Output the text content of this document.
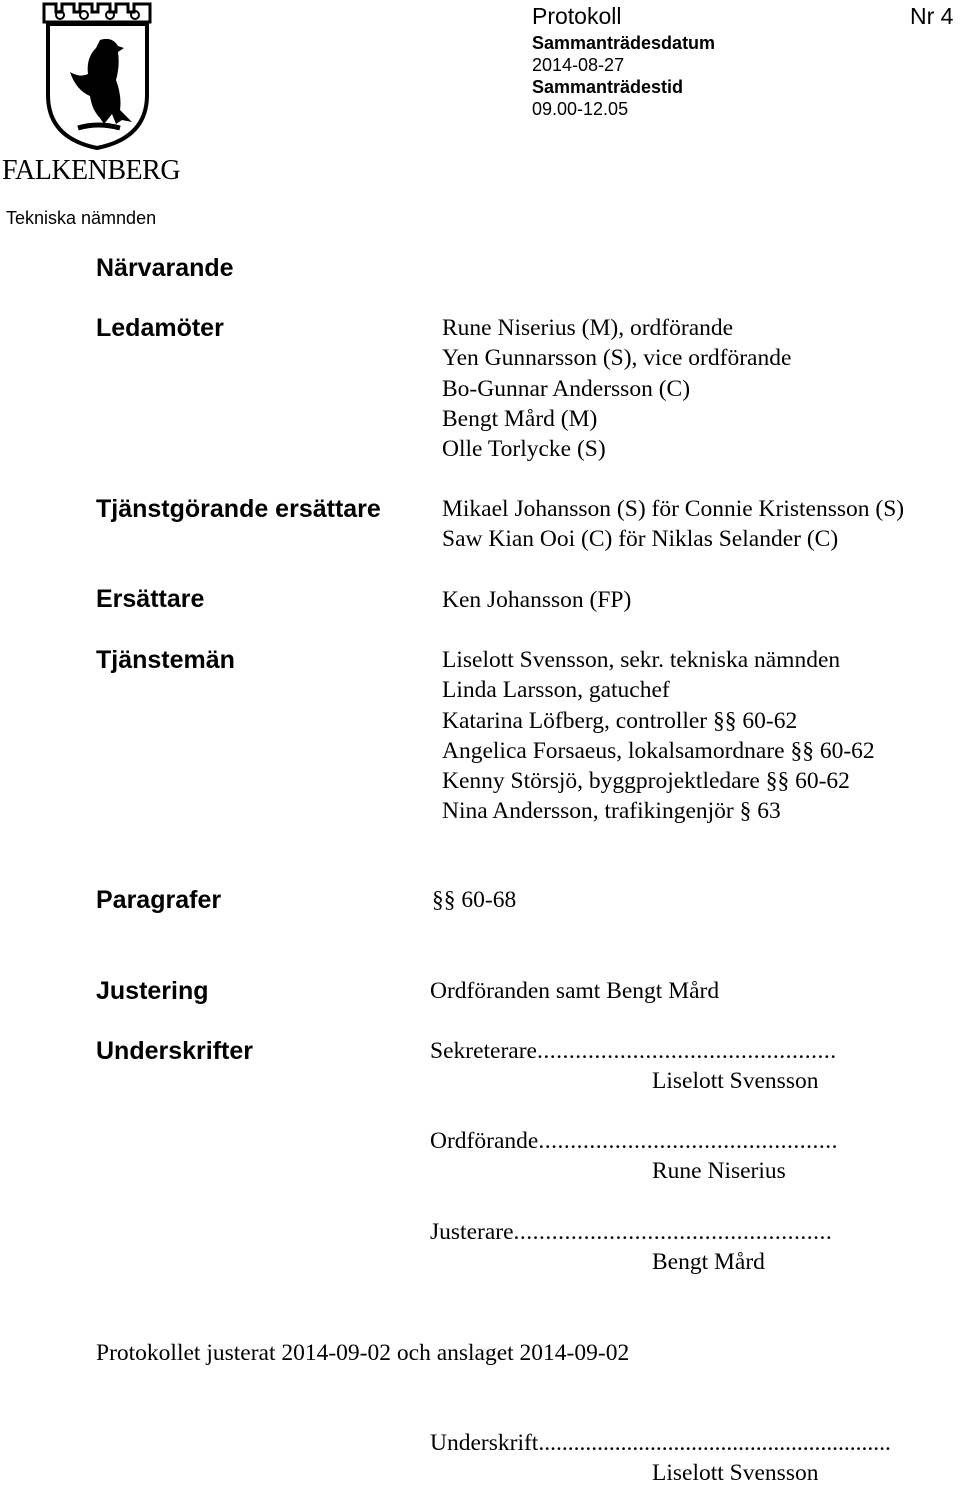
Protokoll	Nr 4
Sammanträdesdatum
2014-08-27
Sammanträdestid
09.00-12.05
FALKENBERG
Tekniska nämnden
Närvarande
Ledamöter	Rune Niserius (M), ordförande
Yen Gunnarsson (S), vice ordförande
Bo-Gunnar Andersson (C)
Bengt Mård (M)
Olle Torlycke (S)
Tjänstgörande ersättare	Mikael Johansson (S) för Connie Kristensson (S)
Saw Kian Ooi (C) för Niklas Selander (C)
Ersättare	Ken Johansson (FP)
Tjänstemän	Liselott Svensson, sekr. tekniska nämnden
Linda Larsson, gatuchef
Katarina Löfberg, controller §§ 60-62
Angelica Forsaeus, lokalsamordnare §§ 60-62
Kenny Störsjö, byggprojektledare §§ 60-62
Nina Andersson, trafikingenjör § 63
Paragrafer	§§ 60-68
Justering	Ordföranden samt Bengt Mård
Underskrifter	Sekreterare...............................................
Liselott Svensson
Ordförande...............................................
Rune Niserius
Justerare..................................................
Bengt Mård
Protokollet justerat 2014-09-02 och anslaget 2014-09-02
Underskrift............................................................
Liselott Svensson
